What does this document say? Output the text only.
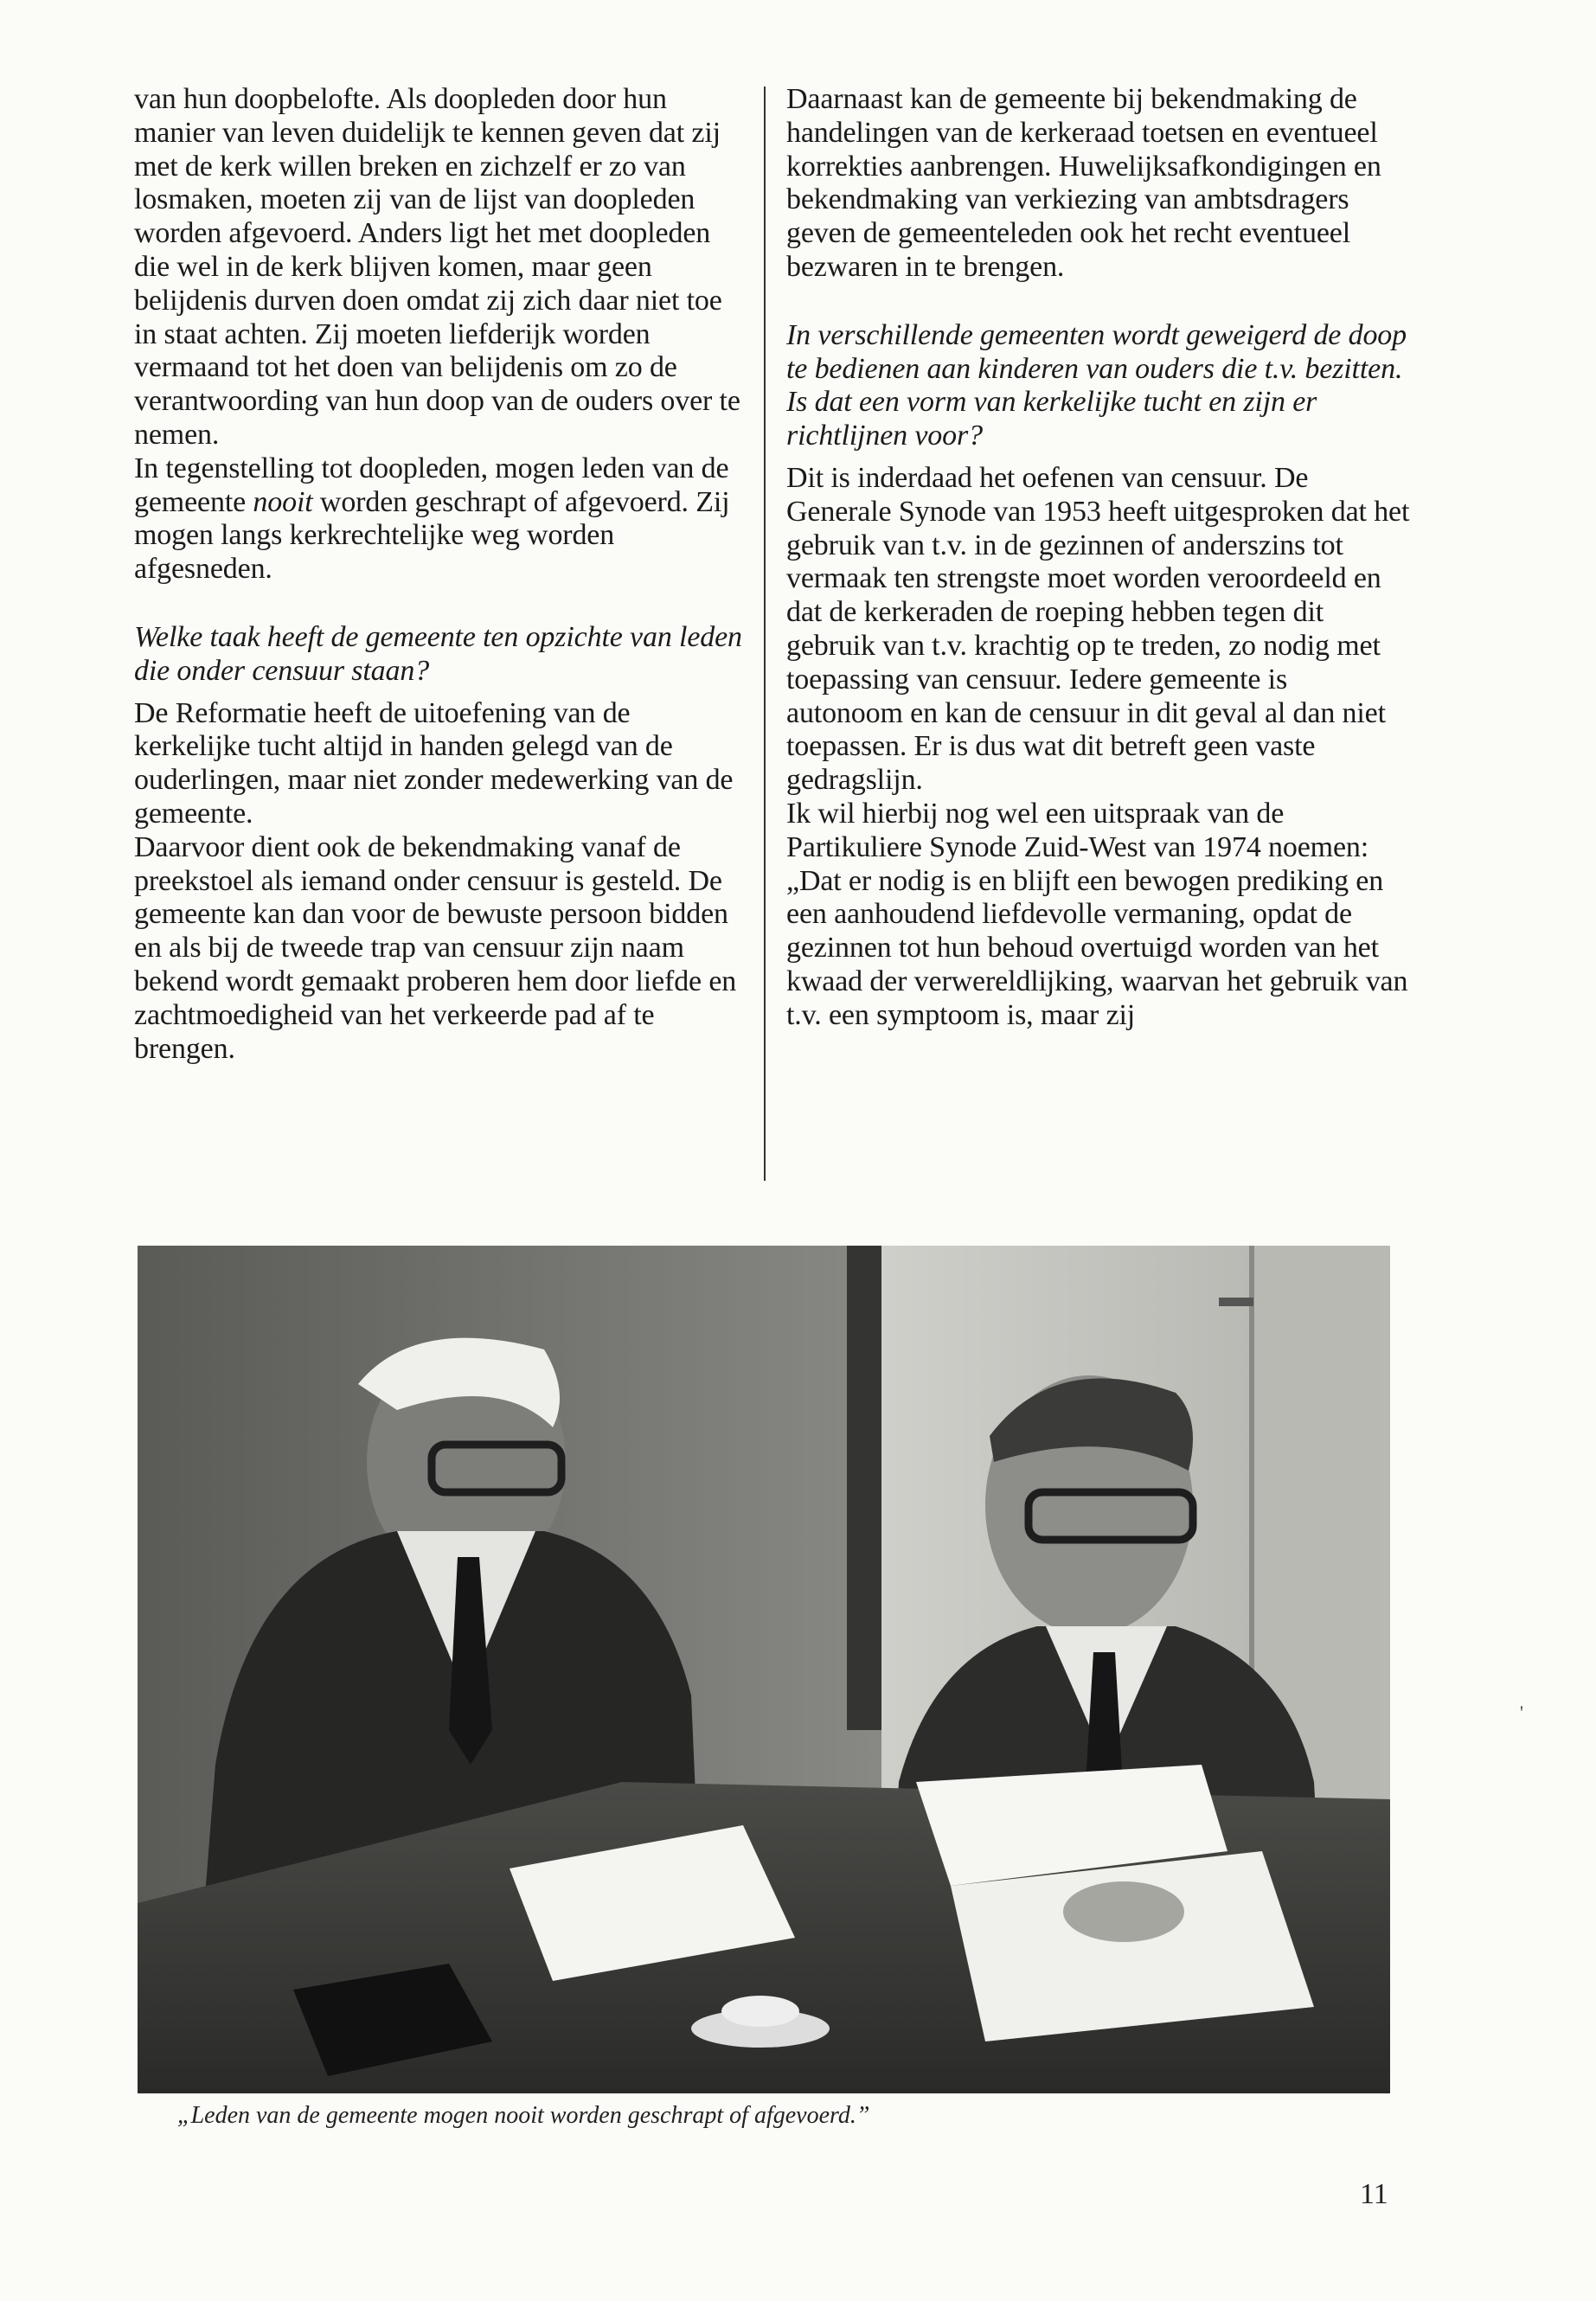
van hun doopbelofte. Als doopleden door hun manier van leven duidelijk te kennen geven dat zij met de kerk willen breken en zichzelf er zo van losmaken, moeten zij van de lijst van doopleden worden afgevoerd. Anders ligt het met doopleden die wel in de kerk blijven komen, maar geen belijdenis durven doen omdat zij zich daar niet toe in staat achten. Zij moeten liefderijk worden vermaand tot het doen van belijdenis om zo de verantwoording van hun doop van de ouders over te nemen.

In tegenstelling tot doopleden, mogen leden van de gemeente nooit worden geschrapt of afgevoerd. Zij mogen langs kerkrechtelijke weg worden afgesneden.

Welke taak heeft de gemeente ten opzichte van leden die onder censuur staan?

De Reformatie heeft de uitoefening van de kerkelijke tucht altijd in handen gelegd van de ouderlingen, maar niet zonder medewerking van de gemeente.

Daarvoor dient ook de bekendmaking vanaf de preekstoel als iemand onder censuur is gesteld. De gemeente kan dan voor de bewuste persoon bidden en als bij de tweede trap van censuur zijn naam bekend wordt gemaakt proberen hem door liefde en zachtmoedigheid van het verkeerde pad af te brengen.

Daarnaast kan de gemeente bij bekendmaking de handelingen van de kerkeraad toetsen en eventueel korrekties aanbrengen. Huwelijksafkondigingen en bekendmaking van verkiezing van ambtsdragers geven de gemeenteleden ook het recht eventueel bezwaren in te brengen.

In verschillende gemeenten wordt geweigerd de doop te bedienen aan kinderen van ouders die t.v. bezitten. Is dat een vorm van kerkelijke tucht en zijn er richtlijnen voor?

Dit is inderdaad het oefenen van censuur. De Generale Synode van 1953 heeft uitgesproken dat het gebruik van t.v. in de gezinnen of anderszins tot vermaak ten strengste moet worden veroordeeld en dat de kerkeraden de roeping hebben tegen dit gebruik van t.v. krachtig op te treden, zo nodig met toepassing van censuur. Iedere gemeente is autonoom en kan de censuur in dit geval al dan niet toepassen. Er is dus wat dit betreft geen vaste gedragslijn.

Ik wil hierbij nog wel een uitspraak van de Partikuliere Synode Zuid-West van 1974 noemen: „Dat er nodig is en blijft een bewogen prediking en een aanhoudend liefdevolle vermaning, opdat de gezinnen tot hun behoud overtuigd worden van het kwaad der verwereldlijking, waarvan het gebruik van t.v. een symptoom is, maar zij

„Leden van de gemeente mogen nooit worden geschrapt of afgevoerd.”
11
'
